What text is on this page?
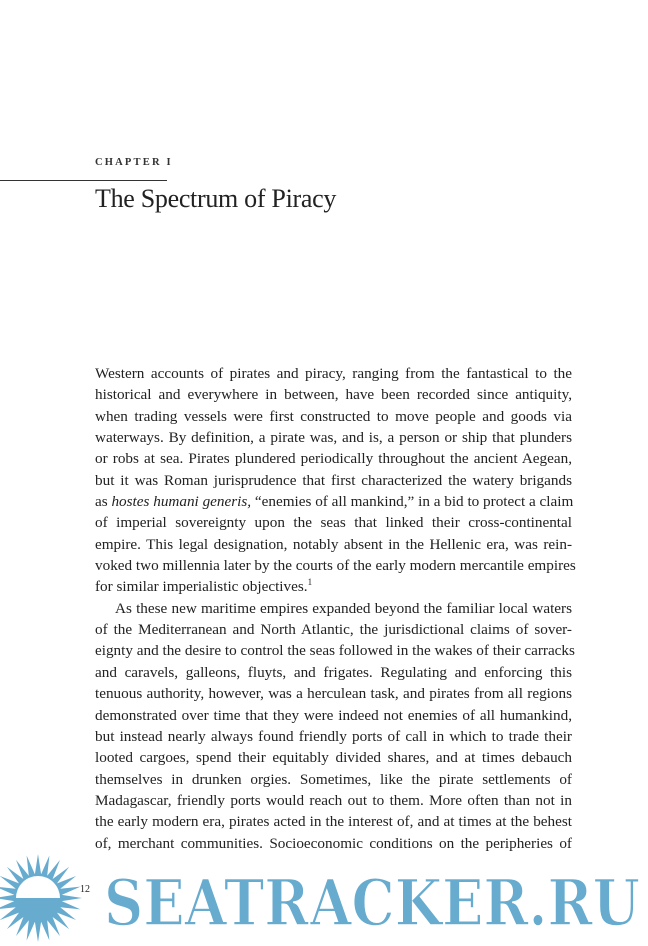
CHAPTER I
The Spectrum of Piracy
Western accounts of pirates and piracy, ranging from the fantastical to the
historical and everywhere in between, have been recorded since antiquity,
when trading vessels were first constructed to move people and goods via
waterways. By definition, a pirate was, and is, a person or ship that plunders
or robs at sea. Pirates plundered periodically throughout the ancient Aegean,
but it was Roman jurisprudence that first characterized the watery brigands
as hostes humani generis, “enemies of all mankind,” in a bid to protect a claim
of imperial sovereignty upon the seas that linked their cross-continental
empire. This legal designation, notably absent in the Hellenic era, was rein-
voked two millennia later by the courts of the early modern mercantile empires
for similar imperialistic objectives.$^1$
As these new maritime empires expanded beyond the familiar local waters
of the Mediterranean and North Atlantic, the jurisdictional claims of sover-
eignty and the desire to control the seas followed in the wakes of their carracks
and caravels, galleons, fluyts, and frigates. Regulating and enforcing this
tenuous authority, however, was a herculean task, and pirates from all regions
demonstrated over time that they were indeed not enemies of all humankind,
but instead nearly always found friendly ports of call in which to trade their
looted cargoes, spend their equitably divided shares, and at times debauch
themselves in drunken orgies. Sometimes, like the pirate settlements of
Madagascar, friendly ports would reach out to them. More often than not in
the early modern era, pirates acted in the interest of, and at times at the behest
of, merchant communities. Socioeconomic conditions on the peripheries of
SEATRACKER.RU
12
